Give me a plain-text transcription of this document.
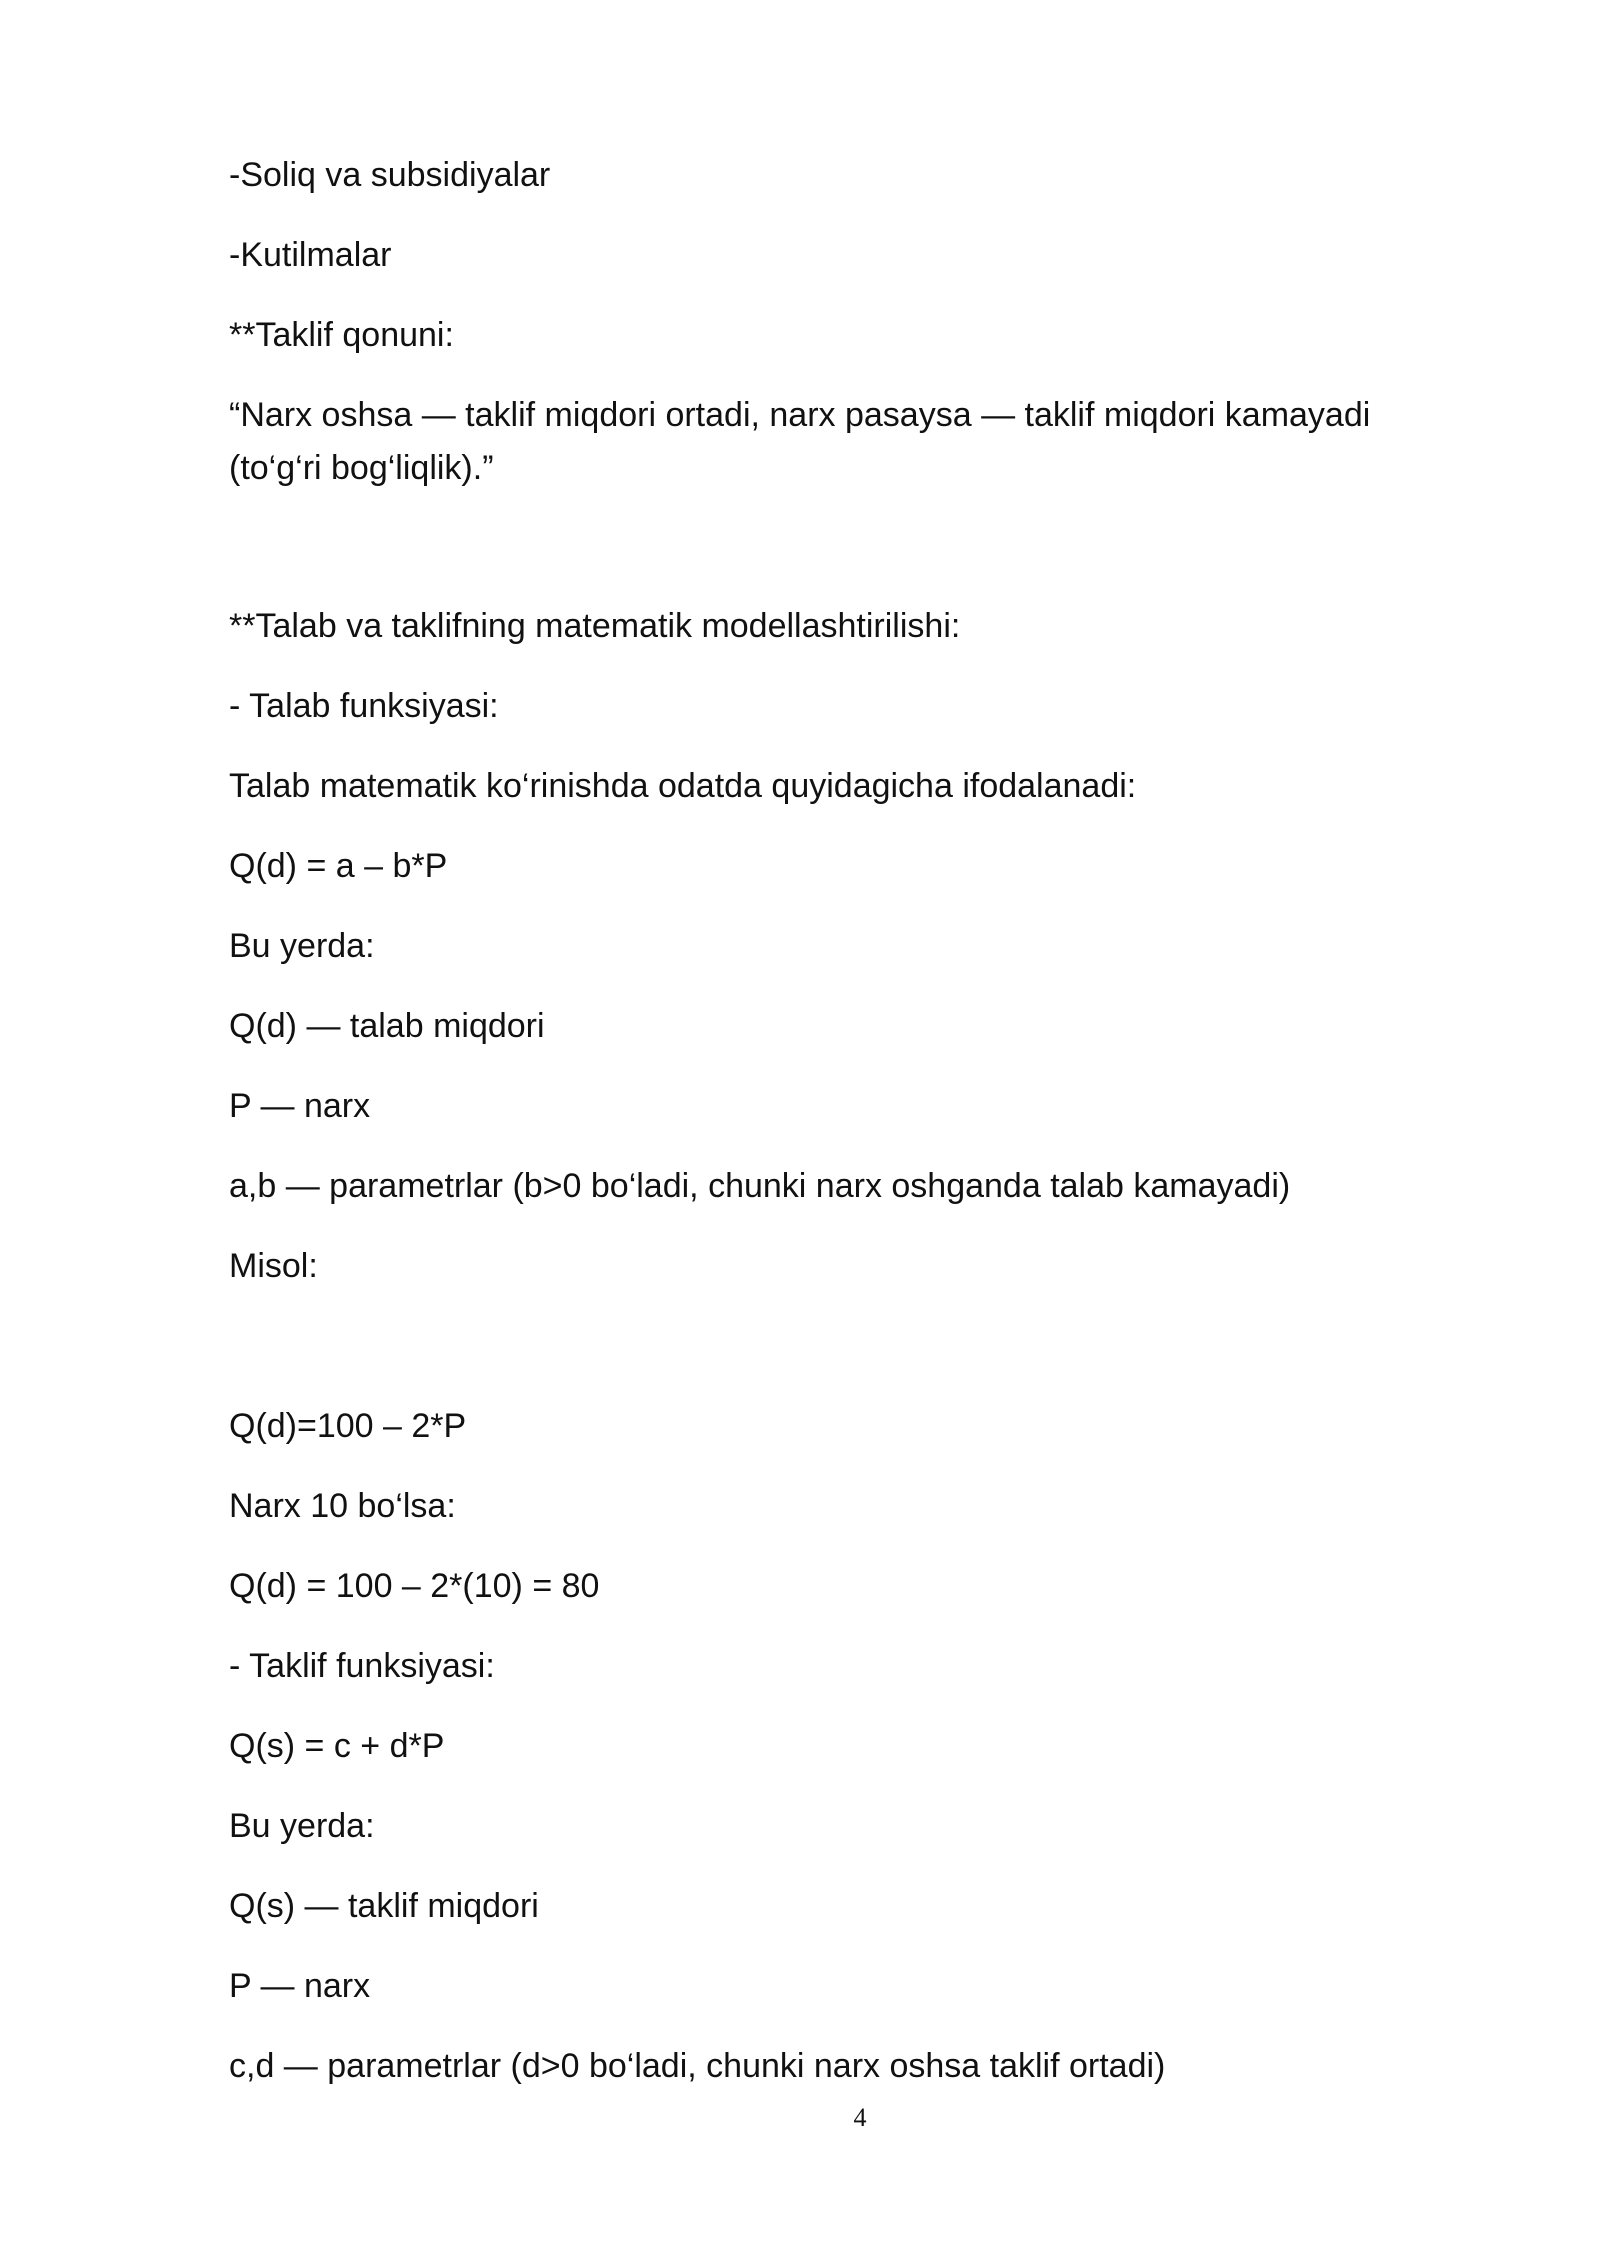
-Soliq va subsidiyalar
-Kutilmalar
**Taklif qonuni:
“Narx oshsa — taklif miqdori ortadi, narx pasaysa — taklif miqdori kamayadi (to‘g‘ri bog‘liqlik).”
**Talab va taklifning matematik modellashtirilishi:
- Talab funksiyasi:
Talab matematik ko‘rinishda odatda quyidagicha ifodalanadi:
Q(d) = a – b*P
Bu yerda:
Q(d) — talab miqdori
P — narx
a,b — parametrlar (b>0 bo‘ladi, chunki narx oshganda talab kamayadi)
Misol:
Q(d)=100 – 2*P
Narx 10 bo‘lsa:
Q(d) = 100 – 2*(10) = 80
- Taklif funksiyasi:
Q(s) = c + d*P
Bu yerda:
Q(s) — taklif miqdori
P — narx
c,d — parametrlar (d>0 bo‘ladi, chunki narx oshsa taklif ortadi)
4
